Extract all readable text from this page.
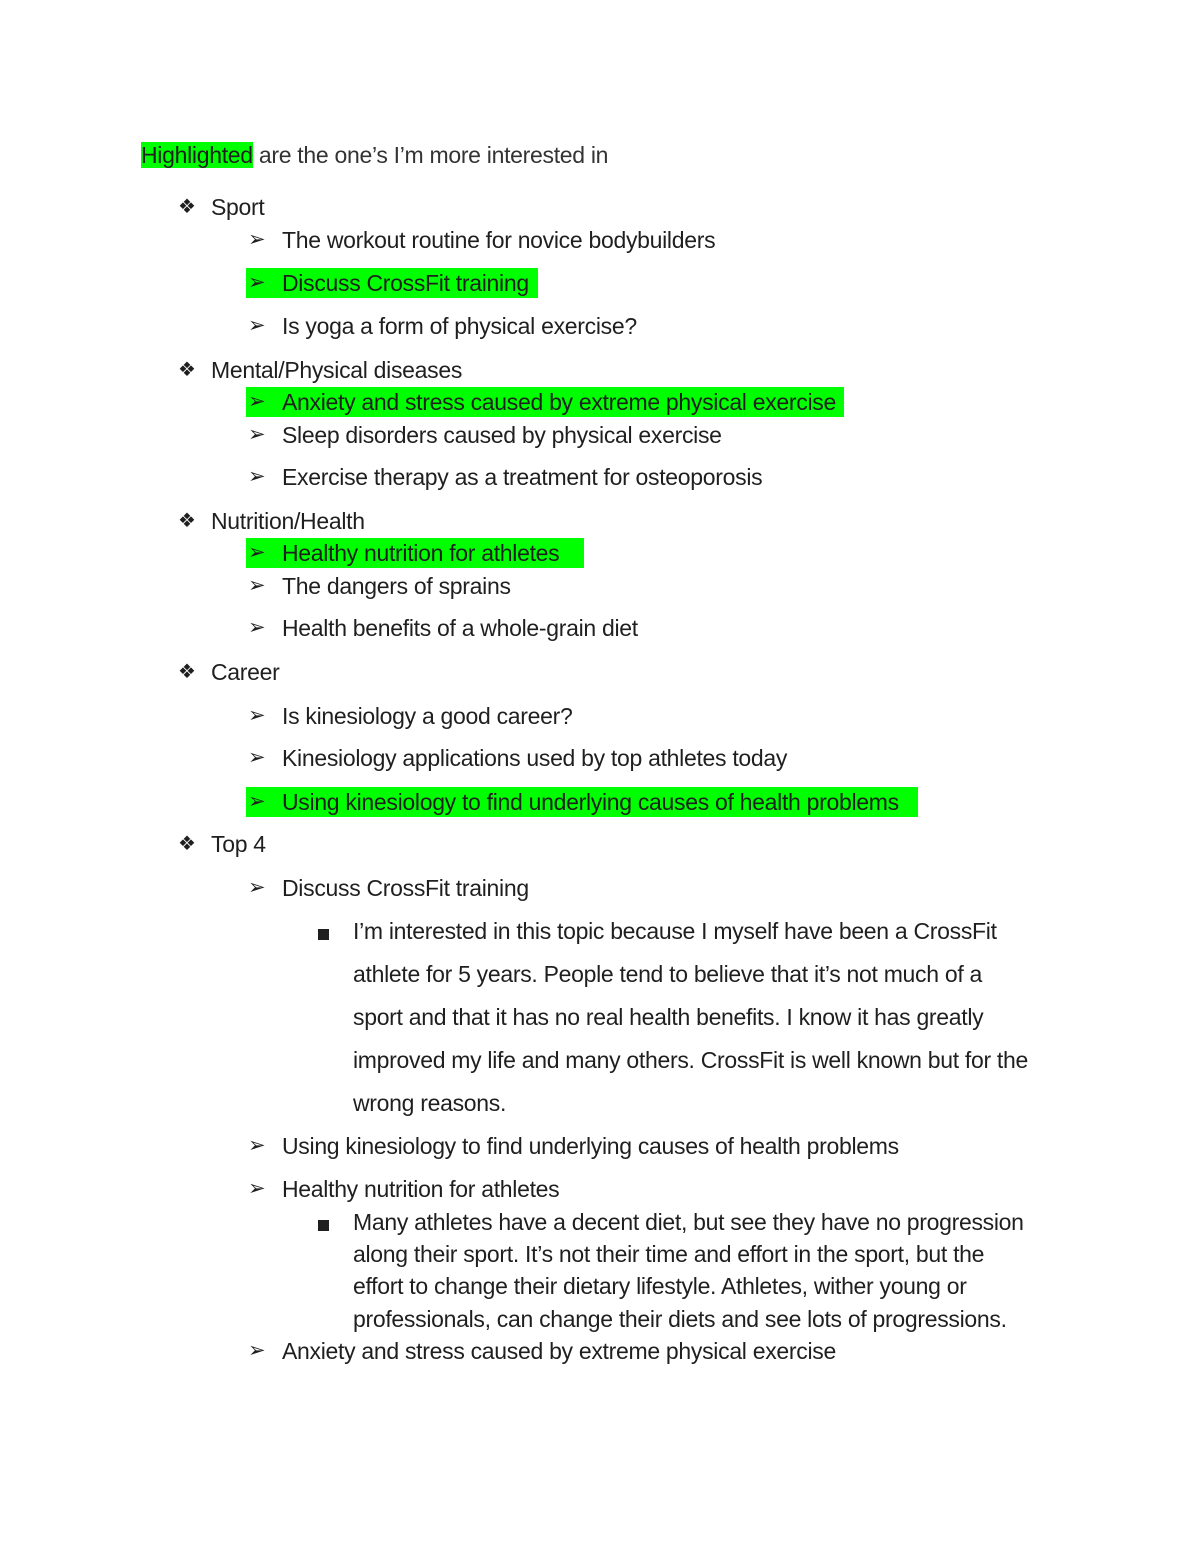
Highlighted are the one’s I’m more interested in
❖ Sport
➢ The workout routine for novice bodybuilders
➢ Discuss CrossFit training
➢ Is yoga a form of physical exercise?
❖ Mental/Physical diseases
➢ Anxiety and stress caused by extreme physical exercise
➢ Sleep disorders caused by physical exercise
➢ Exercise therapy as a treatment for osteoporosis
❖ Nutrition/Health
➢ Healthy nutrition for athletes
➢ The dangers of sprains
➢ Health benefits of a whole-grain diet
❖ Career
➢ Is kinesiology a good career?
➢ Kinesiology applications used by top athletes today
➢ Using kinesiology to find underlying causes of health problems
❖ Top 4
➢ Discuss CrossFit training
I’m interested in this topic because I myself have been a CrossFit
athlete for 5 years. People tend to believe that it’s not much of a
sport and that it has no real health benefits. I know it has greatly
improved my life and many others. CrossFit is well known but for the
wrong reasons.
➢ Using kinesiology to find underlying causes of health problems
➢ Healthy nutrition for athletes
Many athletes have a decent diet, but see they have no progression
along their sport. It’s not their time and effort in the sport, but the
effort to change their dietary lifestyle. Athletes, wither young or
professionals, can change their diets and see lots of progressions.
➢ Anxiety and stress caused by extreme physical exercise
